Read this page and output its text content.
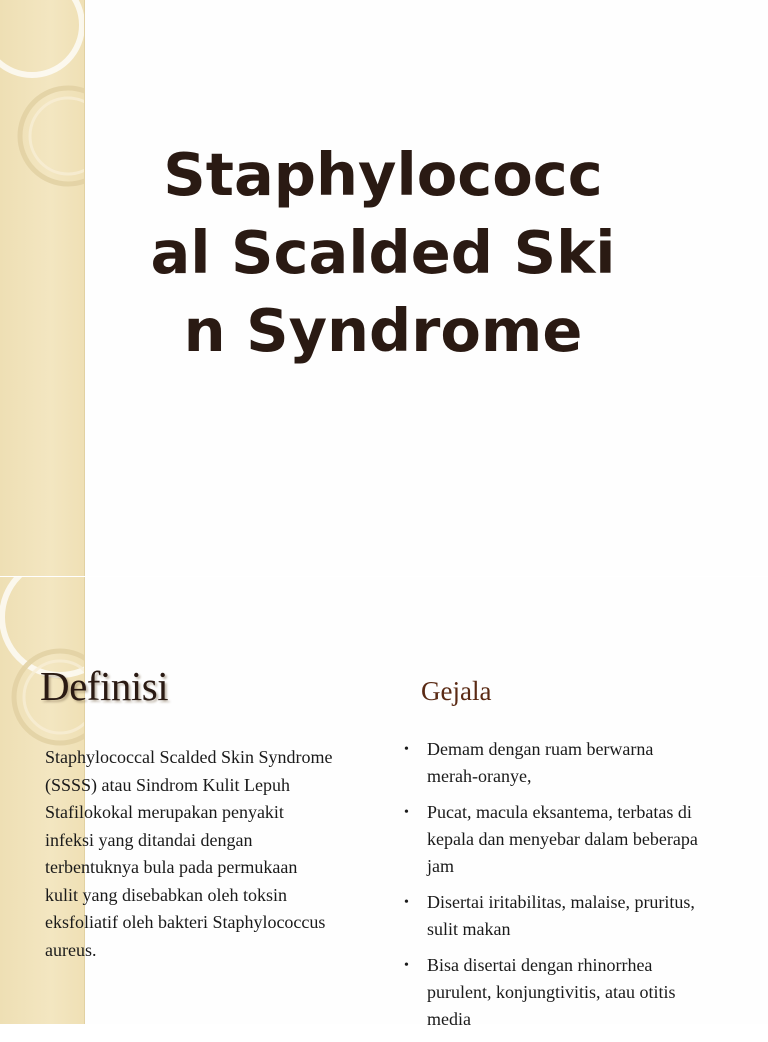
Staphylococcal Scalded Skin Syndrome
Definisi
Staphylococcal Scalded Skin Syndrome
(SSSS) atau Sindrom Kulit Lepuh
Stafilokokal merupakan penyakit
infeksi yang ditandai dengan
terbentuknya bula pada permukaan
kulit yang disebabkan oleh toksin
eksfoliatif oleh bakteri Staphylococcus
aureus.
Gejala
• Demam dengan ruam berwarna
merah-oranye,
• Pucat, macula eksantema, terbatas di
kepala dan menyebar dalam beberapa
jam
• Disertai iritabilitas, malaise, pruritus,
sulit makan
• Bisa disertai dengan rhinorrhea
purulent, konjungtivitis, atau otitis
media
